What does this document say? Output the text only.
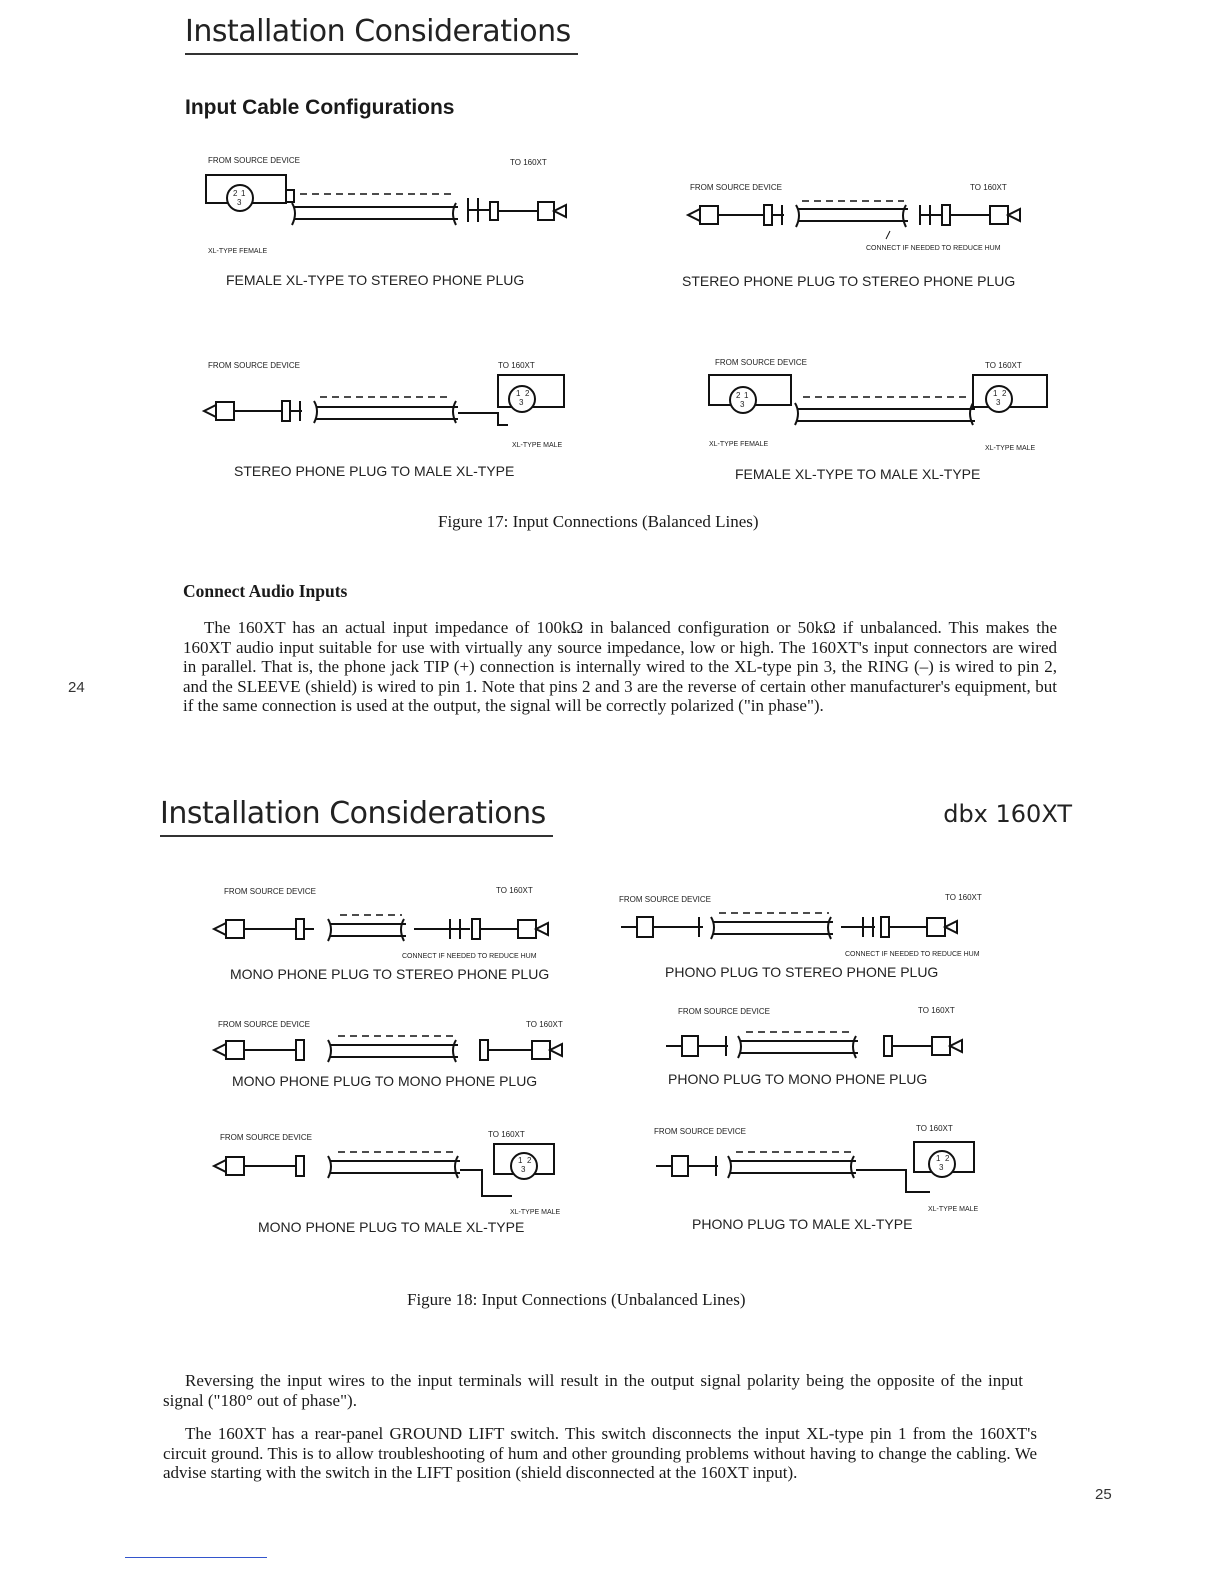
Installation Considerations
Input Cable Configurations
FROM SOURCE DEVICE	TO 160XT
2 1
3
XL-TYPE FEMALE
FEMALE XL-TYPE TO STEREO PHONE PLUG
FROM SOURCE DEVICE	TO 160XT
CONNECT IF NEEDED TO REDUCE HUM
STEREO PHONE PLUG TO STEREO PHONE PLUG
FROM SOURCE DEVICE	TO 160XT
1 2
3
XL-TYPE MALE
STEREO PHONE PLUG TO MALE XL-TYPE
FROM SOURCE DEVICE	TO 160XT
2 1
3
1 2
3
XL-TYPE FEMALE
XL-TYPE MALE
FEMALE XL-TYPE TO MALE XL-TYPE
Figure 17: Input Connections (Balanced Lines)
Connect Audio Inputs

The 160XT has an actual input impedance of 100kΩ in balanced configuration or 50kΩ if unbalanced. This makes the 160XT audio input suitable for use with virtually any source impedance, low or high. The 160XT's input connectors are wired in parallel. That is, the phone jack TIP (+) connection is internally wired to the XL-type pin 3, the RING (–) is wired to pin 2, and the SLEEVE (shield) is wired to pin 1. Note that pins 2 and 3 are the reverse of certain other manufacturer's equipment, but if the same connection is used at the output, the signal will be correctly polarized ("in phase").

24
Installation Considerations	dbx 160XT
FROM SOURCE DEVICE	TO 160XT
CONNECT IF NEEDED TO REDUCE HUM
MONO PHONE PLUG TO STEREO PHONE PLUG
FROM SOURCE DEVICE	TO 160XT
CONNECT IF NEEDED TO REDUCE HUM
PHONO PLUG TO STEREO PHONE PLUG
FROM SOURCE DEVICE	TO 160XT
MONO PHONE PLUG TO MONO PHONE PLUG
FROM SOURCE DEVICE	TO 160XT
PHONO PLUG TO MONO PHONE PLUG
FROM SOURCE DEVICE	TO 160XT
1 2
3
XL-TYPE MALE
MONO PHONE PLUG TO MALE XL-TYPE
FROM SOURCE DEVICE	TO 160XT
1 2
3
XL-TYPE MALE
PHONO PLUG TO MALE XL-TYPE
Figure 18: Input Connections (Unbalanced Lines)

Reversing the input wires to the input terminals will result in the output signal polarity being the opposite of the input signal ("180° out of phase").

The 160XT has a rear-panel GROUND LIFT switch. This switch disconnects the input XL-type pin 1 from the 160XT's circuit ground. This is to allow troubleshooting of hum and other grounding problems without having to change the cabling. We advise starting with the switch in the LIFT position (shield disconnected at the 160XT input).

25
